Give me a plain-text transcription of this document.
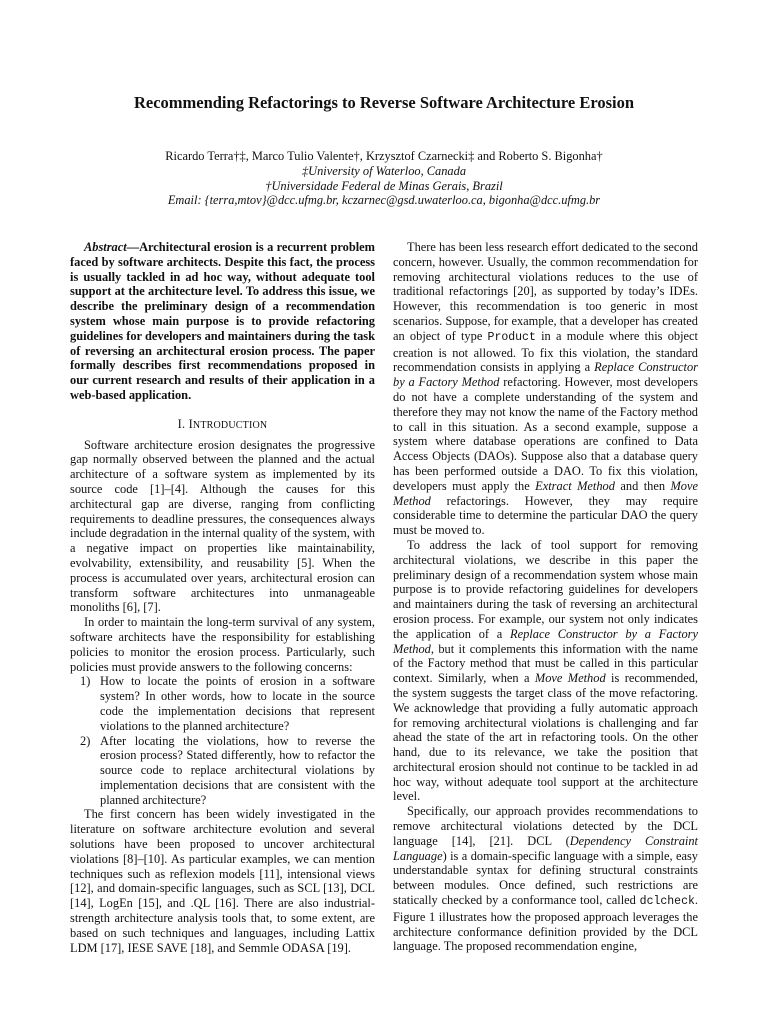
Recommending Refactorings to Reverse Software Architecture Erosion
Ricardo Terra†‡, Marco Tulio Valente†, Krzysztof Czarnecki‡ and Roberto S. Bigonha†
‡University of Waterloo, Canada
†Universidade Federal de Minas Gerais, Brazil
Email: {terra,mtov}@dcc.ufmg.br, kczarnec@gsd.uwaterloo.ca, bigonha@dcc.ufmg.br

Abstract—Architectural erosion is a recurrent problem faced by software architects. Despite this fact, the process is usually tackled in ad hoc way, without adequate tool support at the architecture level. To address this issue, we describe the preliminary design of a recommendation system whose main purpose is to provide refactoring guidelines for developers and maintainers during the task of reversing an architectural erosion process. The paper formally describes first recommendations proposed in our current research and results of their application in a web-based application.

I. INTRODUCTION

Software architecture erosion designates the progressive gap normally observed between the planned and the actual architecture of a software system as implemented by its source code [1]–[4]. Although the causes for this architectural gap are diverse, ranging from conflicting requirements to deadline pressures, the consequences always include degradation in the internal quality of the system, with a negative impact on properties like maintainability, evolvability, extensibility, and reusability [5]. When the process is accumulated over years, architectural erosion can transform software architectures into unmanageable monoliths [6], [7].

In order to maintain the long-term survival of any system, software architects have the responsibility for establishing policies to monitor the erosion process. Particularly, such policies must provide answers to the following concerns:

1) How to locate the points of erosion in a software system? In other words, how to locate in the source code the implementation decisions that represent violations to the planned architecture?
2) After locating the violations, how to reverse the erosion process? Stated differently, how to refactor the source code to replace architectural violations by implementation decisions that are consistent with the planned architecture?

The first concern has been widely investigated in the literature on software architecture evolution and several solutions have been proposed to uncover architectural violations [8]–[10]. As particular examples, we can mention techniques such as reflexion models [11], intensional views [12], and domain-specific languages, such as SCL [13], DCL [14], LogEn [15], and .QL [16]. There are also industrial-strength architecture analysis tools that, to some extent, are based on such techniques and languages, including Lattix LDM [17], IESE SAVE [18], and Semmle ODASA [19].

There has been less research effort dedicated to the second concern, however. Usually, the common recommendation for removing architectural violations reduces to the use of traditional refactorings [20], as supported by today’s IDEs. However, this recommendation is too generic in most scenarios. Suppose, for example, that a developer has created an object of type Product in a module where this object creation is not allowed. To fix this violation, the standard recommendation consists in applying a Replace Constructor by a Factory Method refactoring. However, most developers do not have a complete understanding of the system and therefore they may not know the name of the Factory method to call in this situation. As a second example, suppose a system where database operations are confined to Data Access Objects (DAOs). Suppose also that a database query has been performed outside a DAO. To fix this violation, developers must apply the Extract Method and then Move Method refactorings. However, they may require considerable time to determine the particular DAO the query must be moved to.

To address the lack of tool support for removing architectural violations, we describe in this paper the preliminary design of a recommendation system whose main purpose is to provide refactoring guidelines for developers and maintainers during the task of reversing an architectural erosion process. For example, our system not only indicates the application of a Replace Constructor by a Factory Method, but it complements this information with the name of the Factory method that must be called in this particular context. Similarly, when a Move Method is recommended, the system suggests the target class of the move refactoring. We acknowledge that providing a fully automatic approach for removing architectural violations is challenging and far ahead the state of the art in refactoring tools. On the other hand, due to its relevance, we take the position that architectural erosion should not continue to be tackled in ad hoc way, without adequate tool support at the architecture level.

Specifically, our approach provides recommendations to remove architectural violations detected by the DCL language [14], [21]. DCL (Dependency Constraint Language) is a domain-specific language with a simple, easy understandable syntax for defining structural constraints between modules. Once defined, such restrictions are statically checked by a conformance tool, called dclcheck. Figure 1 illustrates how the proposed approach leverages the architecture conformance definition provided by the DCL language. The proposed recommendation engine,
